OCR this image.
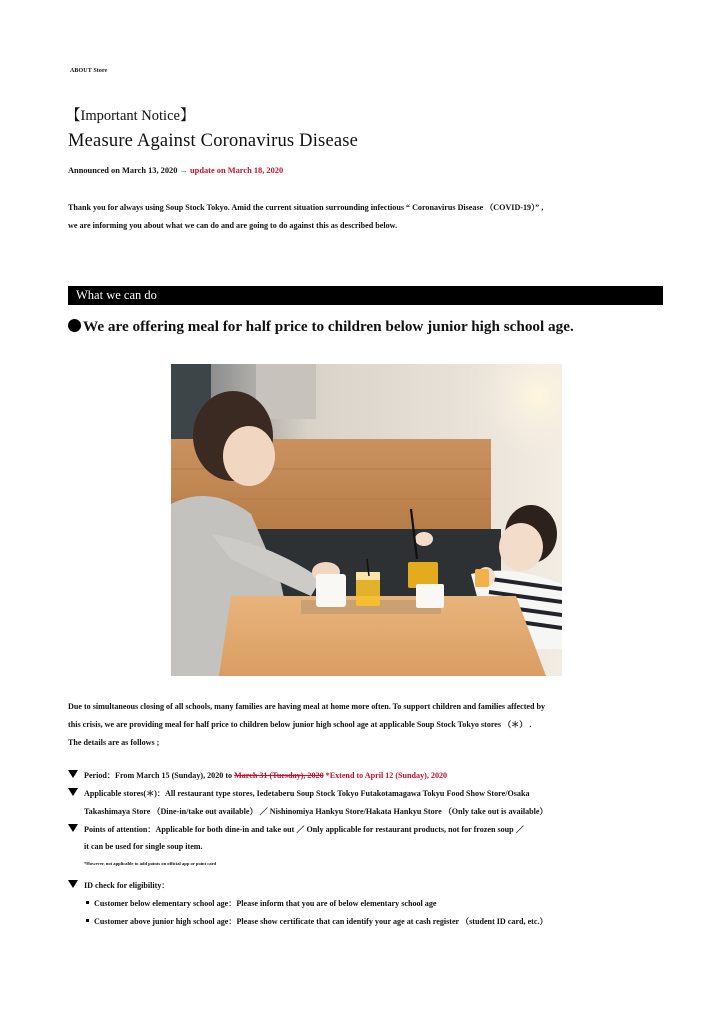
ABOUT Store
【Important Notice】
Measure Against Coronavirus Disease
Announced on March 13, 2020 → update on March 18, 2020
Thank you for always using Soup Stock Tokyo. Amid the current situation surrounding infectious “ Coronavirus Disease （COVID-19）” ,
we are informing you about what we can do and are going to do against this as described below.
What we can do
We are offering meal for half price to children below junior high school age.
Due to simultaneous closing of all schools, many families are having meal at home more often. To support children and families affected by
this crisis, we are providing meal for half price to children below junior high school age at applicable Soup Stock Tokyo stores （＊） .
The details are as follows ;
Period：From March 15 (Sunday), 2020 to March 31 (Tuesday), 2020 *Extend to April 12 (Sunday), 2020
Applicable stores(＊)：All restaurant type stores, Iedetaberu Soup Stock Tokyo Futakotamagawa Tokyu Food Show Store/Osaka
Takashimaya Store （Dine-in/take out available） ／ Nishinomiya Hankyu Store/Hakata Hankyu Store （Only take out is available）
Points of attention：Applicable for both dine-in and take out ／ Only applicable for restaurant products, not for frozen soup ／
it can be used for single soup item.
*However, not applicable to add points on official app or point card
ID check for eligibility：
Customer below elementary school age：Please inform that you are of below elementary school age
Customer above junior high school age：Please show certificate that can identify your age at cash register （student ID card, etc.）
